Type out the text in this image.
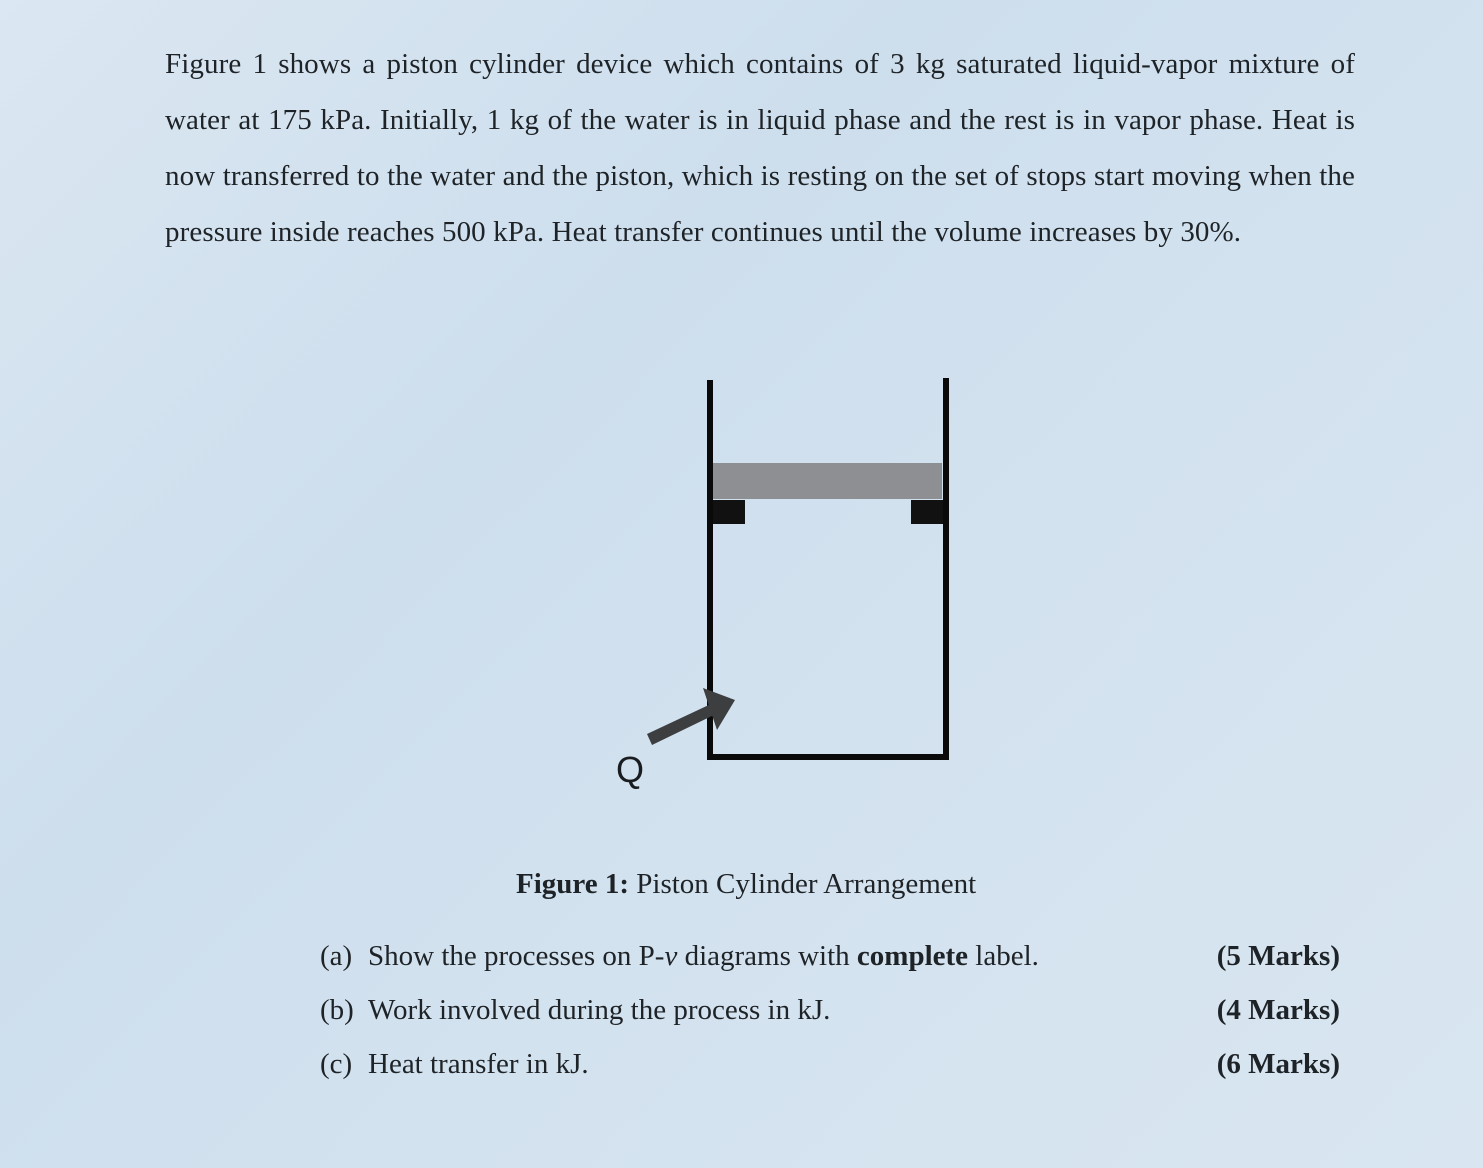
Figure 1 shows a piston cylinder device which contains of 3 kg saturated liquid-vapor mixture of water at 175 kPa. Initially, 1 kg of the water is in liquid phase and the rest is in vapor phase. Heat is now transferred to the water and the piston, which is resting on the set of stops start moving when the pressure inside reaches 500 kPa. Heat transfer continues until the volume increases by 30%.
Q
Figure 1: Piston Cylinder Arrangement
(a) Show the processes on P-v diagrams with complete label.	(5 Marks)
(b) Work involved during the process in kJ.	(4 Marks)
(c) Heat transfer in kJ.	(6 Marks)
